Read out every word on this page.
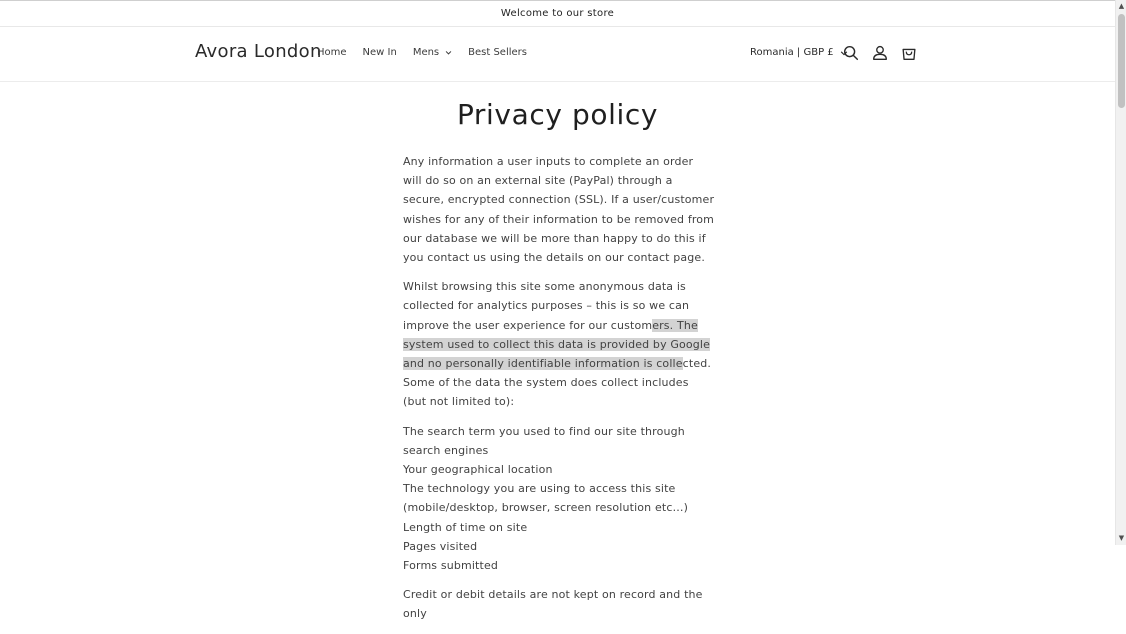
Welcome to our store
Avora London
Home New In Mens	Best Sellers	Romania | GBP £
Privacy policy

Any information a user inputs to complete an order will do so on an external site (PayPal) through a secure, encrypted connection (SSL). If a user/customer wishes for any of their information to be removed from our database we will be more than happy to do this if you contact us using the details on our contact page.

Whilst browsing this site some anonymous data is collected for analytics purposes – this is so we can improve the user experience for our customers. The system used to collect this data is provided by Google and no personally identifiable information is collected. Some of the data the system does collect includes (but not limited to):

The search term you used to find our site through search engines

Your geographical location

The technology you are using to access this site (mobile/desktop, browser, screen resolution etc…)

Length of time on site

Pages visited

Forms submitted

Credit or debit details are not kept on record and the only

▲
▼
